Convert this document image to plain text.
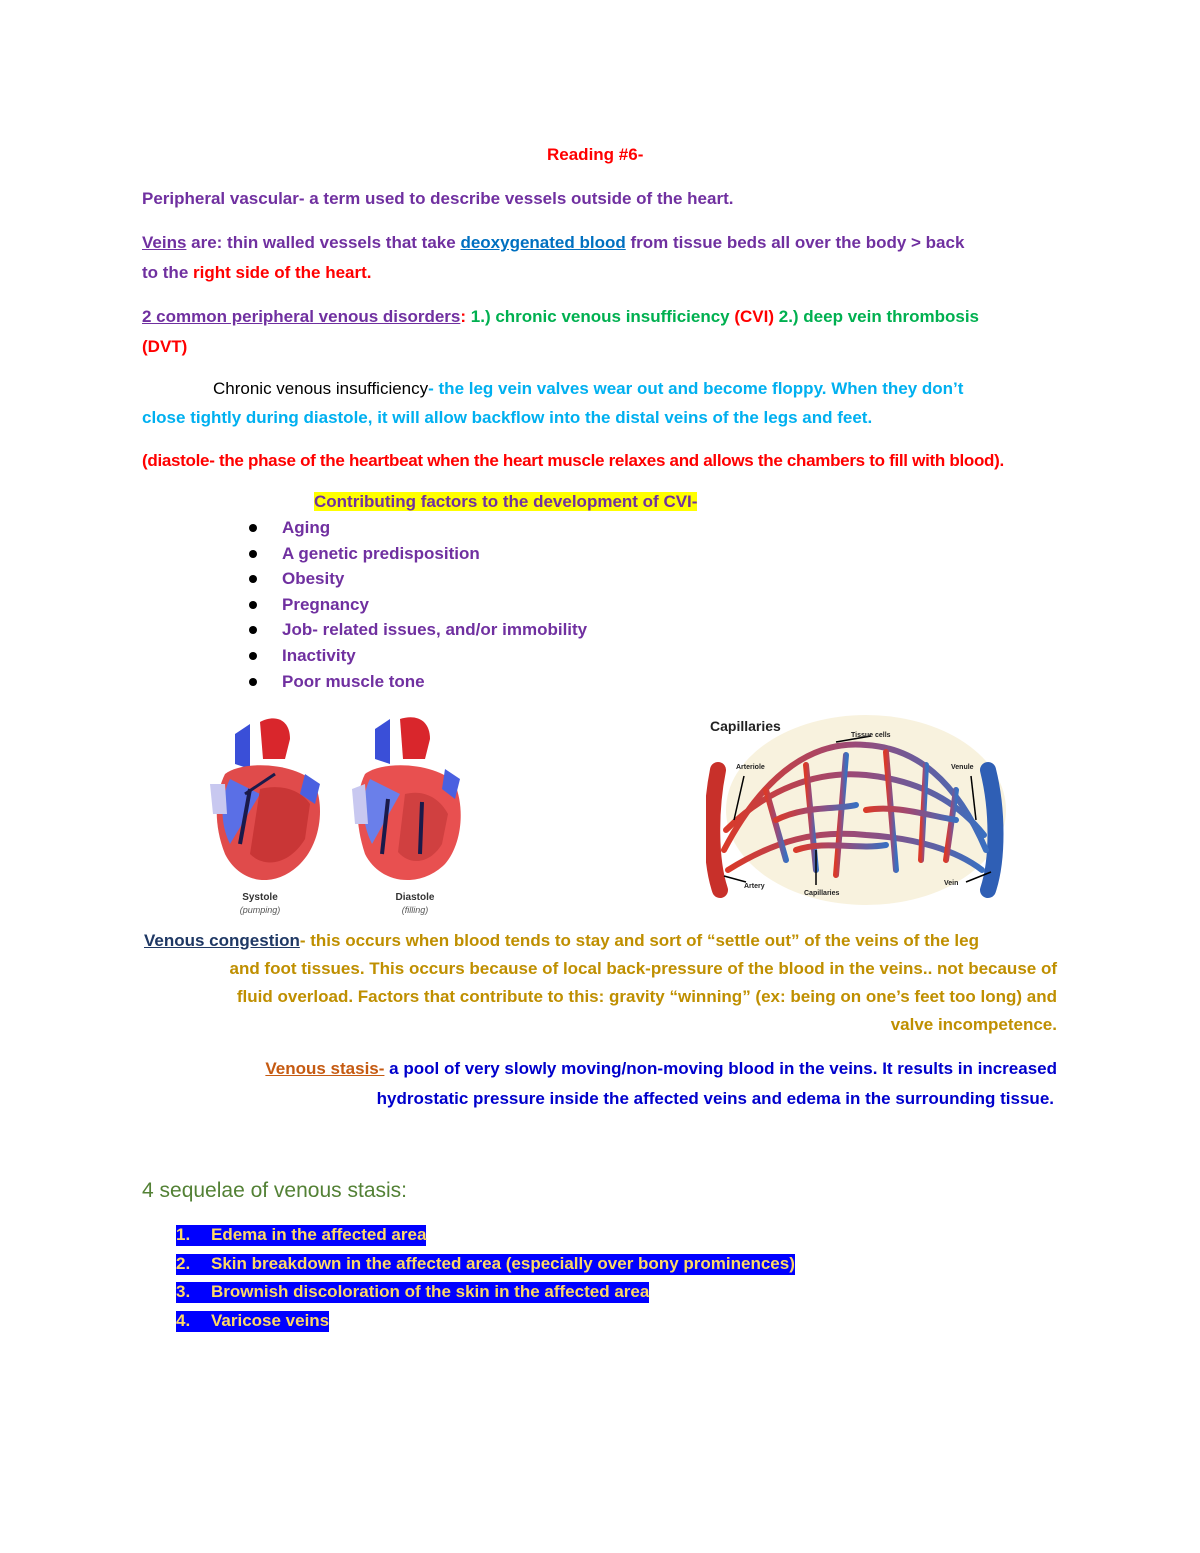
Reading #6-
Peripheral vascular- a term used to describe vessels outside of the heart.
Veins are: thin walled vessels that take deoxygenated blood from tissue beds all over the body > back
to the right side of the heart.
2 common peripheral venous disorders: 1.) chronic venous insufficiency (CVI) 2.) deep vein thrombosis
(DVT)
Chronic venous insufficiency- the leg vein valves wear out and become floppy. When they don’t
close tightly during diastole, it will allow backflow into the distal veins of the legs and feet.
(diastole- the phase of the heartbeat when the heart muscle relaxes and allows the chambers to fill with blood).
Contributing factors to the development of CVI-
Aging
A genetic predisposition
Obesity
Pregnancy
Job- related issues, and/or immobility
Inactivity
Poor muscle tone
Systole
(pumping)
Diastole
(filling)
Capillaries
Tissue cells
Arteriole	Venule
Artery
Capillaries
Vein
Venous congestion- this occurs when blood tends to stay and sort of “settle out” of the veins of the leg
and foot tissues. This occurs because of local back-pressure of the blood in the veins.. not because of
fluid overload. Factors that contribute to this: gravity “winning” (ex: being on one’s feet too long) and
valve incompetence.
Venous stasis- a pool of very slowly moving/non-moving blood in the veins. It results in increased
hydrostatic pressure inside the affected veins and edema in the surrounding tissue.
4 sequelae of venous stasis:
1. Edema in the affected area
2. Skin breakdown in the affected area (especially over bony prominences)
3. Brownish discoloration of the skin in the affected area
4. Varicose veins
